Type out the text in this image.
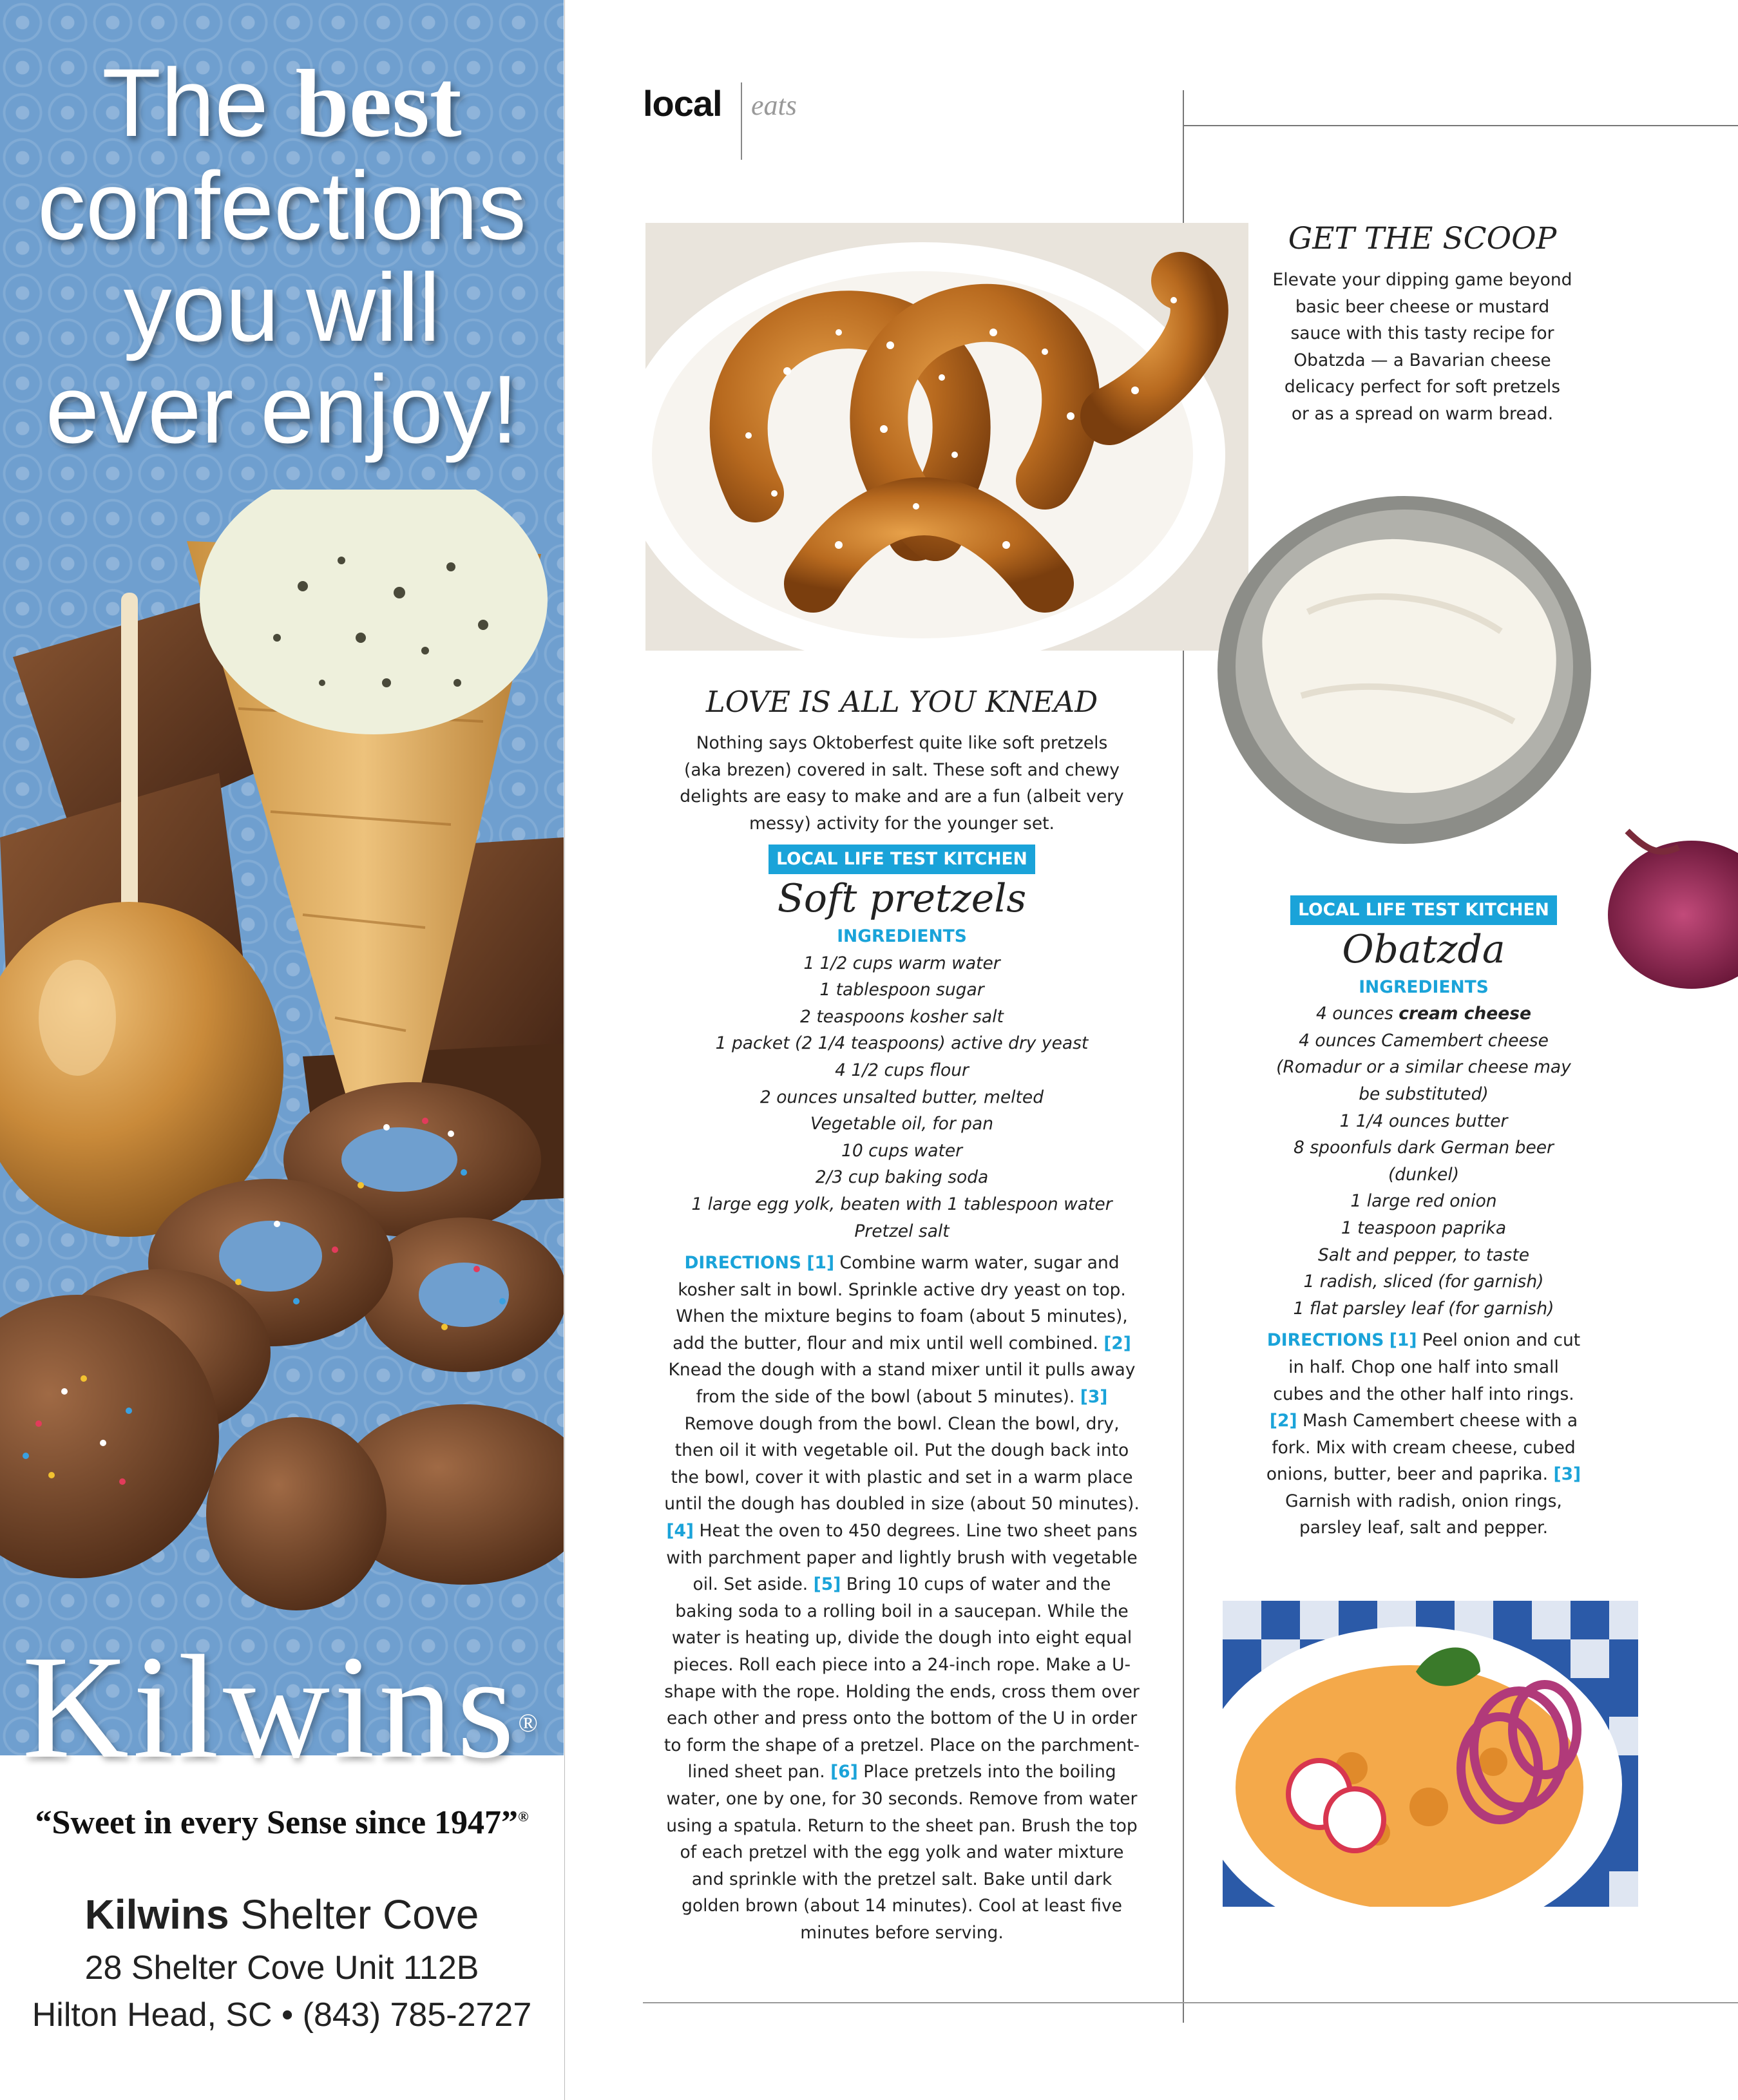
The best
confections
you will
ever enjoy!
Kilwins®
“Sweet in every Sense since 1947”®
Kilwins Shelter Cove
28 Shelter Cove Unit 112B
Hilton Head, SC • (843) 785-2727
local eats

GET THE SCOOP

Elevate your dipping game beyond

basic beer cheese or mustard

sauce with this tasty recipe for

Obatzda — a Bavarian cheese

delicacy perfect for soft pretzels

or as a spread on warm bread.

LOVE IS ALL YOU KNEAD

Nothing says Oktoberfest quite like soft pretzels

(aka brezen) covered in salt. These soft and chewy

delights are easy to make and are a fun (albeit very

messy) activity for the younger set.

LOCAL LIFE TEST KITCHEN

Soft pretzels

INGREDIENTS

1 1/2 cups warm water

1 tablespoon sugar

2 teaspoons kosher salt

1 packet (2 1/4 teaspoons) active dry yeast

4 1/2 cups flour

2 ounces unsalted butter, melted

Vegetable oil, for pan

10 cups water

2/3 cup baking soda

1 large egg yolk, beaten with 1 tablespoon water

Pretzel salt

DIRECTIONS [1] Combine warm water, sugar and kosher salt in bowl. Sprinkle active dry yeast on top. When the mixture begins to foam (about 5 minutes), add the butter, flour and mix until well combined. [2] Knead the dough with a stand mixer until it pulls away from the side of the bowl (about 5 minutes). [3] Remove dough from the bowl. Clean the bowl, dry, then oil it with vegetable oil. Put the dough back into the bowl, cover it with plastic and set in a warm place until the dough has doubled in size (about 50 minutes). [4] Heat the oven to 450 degrees. Line two sheet pans with parchment paper and lightly brush with vegetable oil. Set aside. [5] Bring 10 cups of water and the baking soda to a rolling boil in a saucepan. While the water is heating up, divide the dough into eight equal pieces. Roll each piece into a 24-inch rope. Make a U-shape with the rope. Holding the ends, cross them over each other and press onto the bottom of the U in order to form the shape of a pretzel. Place on the parchment-lined sheet pan. [6] Place pretzels into the boiling water, one by one, for 30 seconds. Remove from water using a spatula. Return to the sheet pan. Brush the top of each pretzel with the egg yolk and water mixture and sprinkle with the pretzel salt. Bake until dark golden brown (about 14 minutes). Cool at least five minutes before serving.

LOCAL LIFE TEST KITCHEN

Obatzda

INGREDIENTS

4 ounces cream cheese

4 ounces Camembert cheese

(Romadur or a similar cheese may

be substituted)

1 1/4 ounces butter

8 spoonfuls dark German beer

(dunkel)

1 large red onion

1 teaspoon paprika

Salt and pepper, to taste

1 radish, sliced (for garnish)

1 flat parsley leaf (for garnish)

DIRECTIONS [1] Peel onion and cut in half. Chop one half into small cubes and the other half into rings. [2] Mash Camembert cheese with a fork. Mix with cream cheese, cubed onions, butter, beer and paprika. [3] Garnish with radish, onion rings, parsley leaf, salt and pepper.
